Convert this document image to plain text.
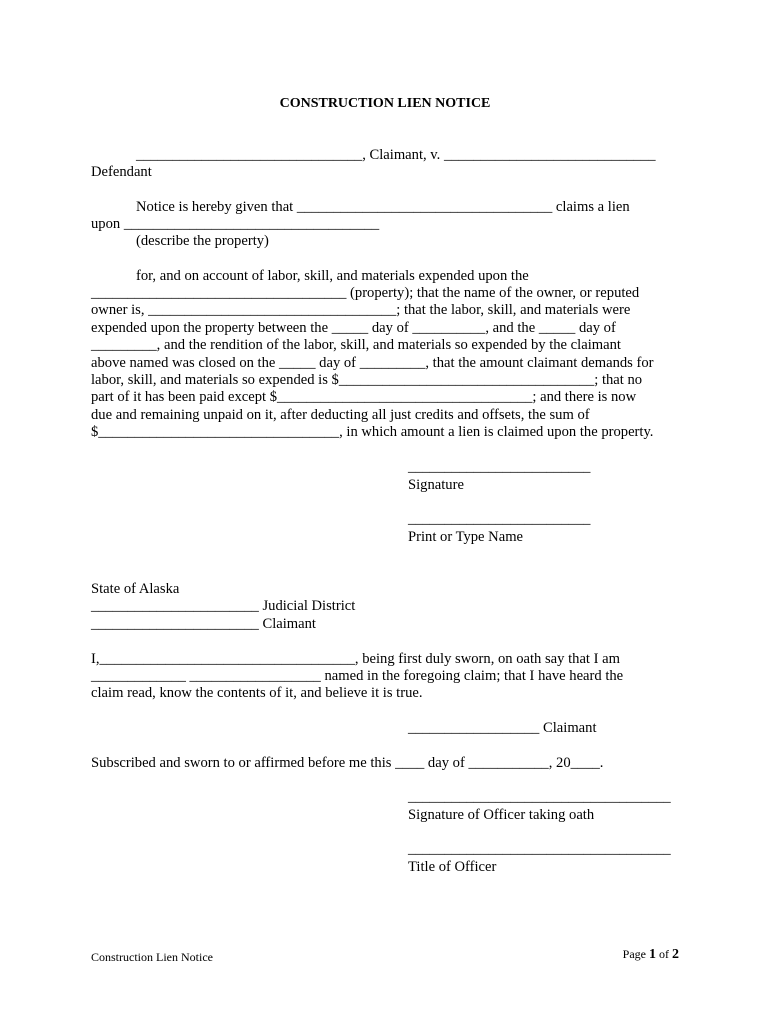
CONSTRUCTION LIEN NOTICE
_______________________________, Claimant, v. _____________________________
Defendant
Notice is hereby given that ___________________________________ claims a lien
upon ___________________________________
(describe the property)
for, and on account of labor, skill, and materials expended upon the
___________________________________ (property); that the name of the owner, or reputed
owner is, __________________________________; that the labor, skill, and materials were
expended upon the property between the _____ day of __________, and the _____ day of
_________, and the rendition of the labor, skill, and materials so expended by the claimant
above named was closed on the _____ day of _________, that the amount claimant demands for
labor, skill, and materials so expended is $___________________________________; that no
part of it has been paid except $___________________________________; and there is now
due and remaining unpaid on it, after deducting all just credits and offsets, the sum of
$_________________________________, in which amount a lien is claimed upon the property.
_________________________
Signature
_________________________
Print or Type Name
State of Alaska
_______________________ Judicial District
_______________________ Claimant
I,___________________________________, being first duly sworn, on oath say that I am
_____________ __________________ named in the foregoing claim; that I have heard the
claim read, know the contents of it, and believe it is true.
__________________ Claimant
Subscribed and sworn to or affirmed before me this ____ day of ___________, 20____.
____________________________________
Signature of Officer taking oath
____________________________________
Title of Officer
Construction Lien Notice	Page 1 of 2
